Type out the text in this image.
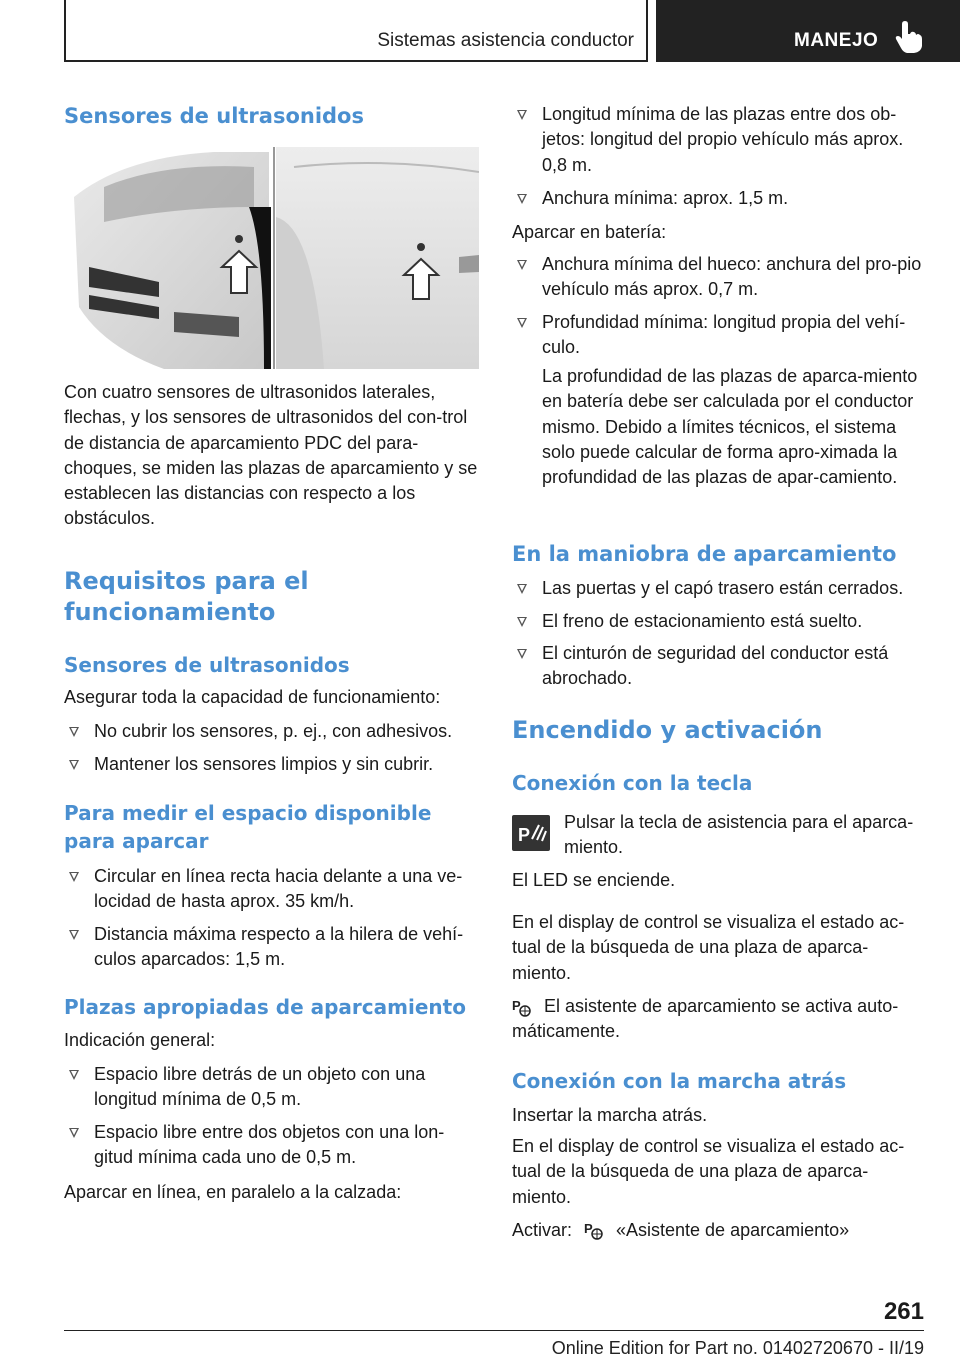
Sistemas asistencia conductor	MANEJO
Sensores de ultrasonidos
Con cuatro sensores de ultrasonidos laterales, flechas, y los sensores de ultrasonidos del con-trol de distancia de aparcamiento PDC del para-choques, se miden las plazas de aparcamiento y se establecen las distancias con respecto a los obstáculos.
Requisitos para el
funcionamiento
Sensores de ultrasonidos
Asegurar toda la capacidad de funcionamiento:
No cubrir los sensores, p. ej., con adhesivos.
Mantener los sensores limpios y sin cubrir.
Para medir el espacio disponible
para aparcar
Circular en línea recta hacia delante a una ve-locidad de hasta aprox. 35 km/h.
Distancia máxima respecto a la hilera de vehí-culos aparcados: 1,5 m.
Plazas apropiadas de aparcamiento
Indicación general:
Espacio libre detrás de un objeto con una longitud mínima de 0,5 m.
Espacio libre entre dos objetos con una lon-gitud mínima cada uno de 0,5 m.
Aparcar en línea, en paralelo a la calzada:
Longitud mínima de las plazas entre dos ob-jetos: longitud del propio vehículo más aprox. 0,8 m.
Anchura mínima: aprox. 1,5 m.
Aparcar en batería:
Anchura mínima del hueco: anchura del pro-pio vehículo más aprox. 0,7 m.
Profundidad mínima: longitud propia del vehí-culo.
La profundidad de las plazas de aparca-miento en batería debe ser calculada por el conductor mismo. Debido a límites técnicos, el sistema solo puede calcular de forma apro-ximada la profundidad de las plazas de apar-camiento.
En la maniobra de aparcamiento
Las puertas y el capó trasero están cerrados.
El freno de estacionamiento está suelto.
El cinturón de seguridad del conductor está abrochado.
Encendido y activación
Conexión con la tecla
P
Pulsar la tecla de asistencia para el aparca-miento.
El LED se enciende.
En el display de control se visualiza el estado ac-tual de la búsqueda de una plaza de aparca-miento.
P	El asistente de aparcamiento se activa auto-máticamente.
Conexión con la marcha atrás
Insertar la marcha atrás.
En el display de control se visualiza el estado ac-tual de la búsqueda de una plaza de aparca-miento.
Activar: P «Asistente de aparcamiento»
261
Online Edition for Part no. 01402720670 - II/19
